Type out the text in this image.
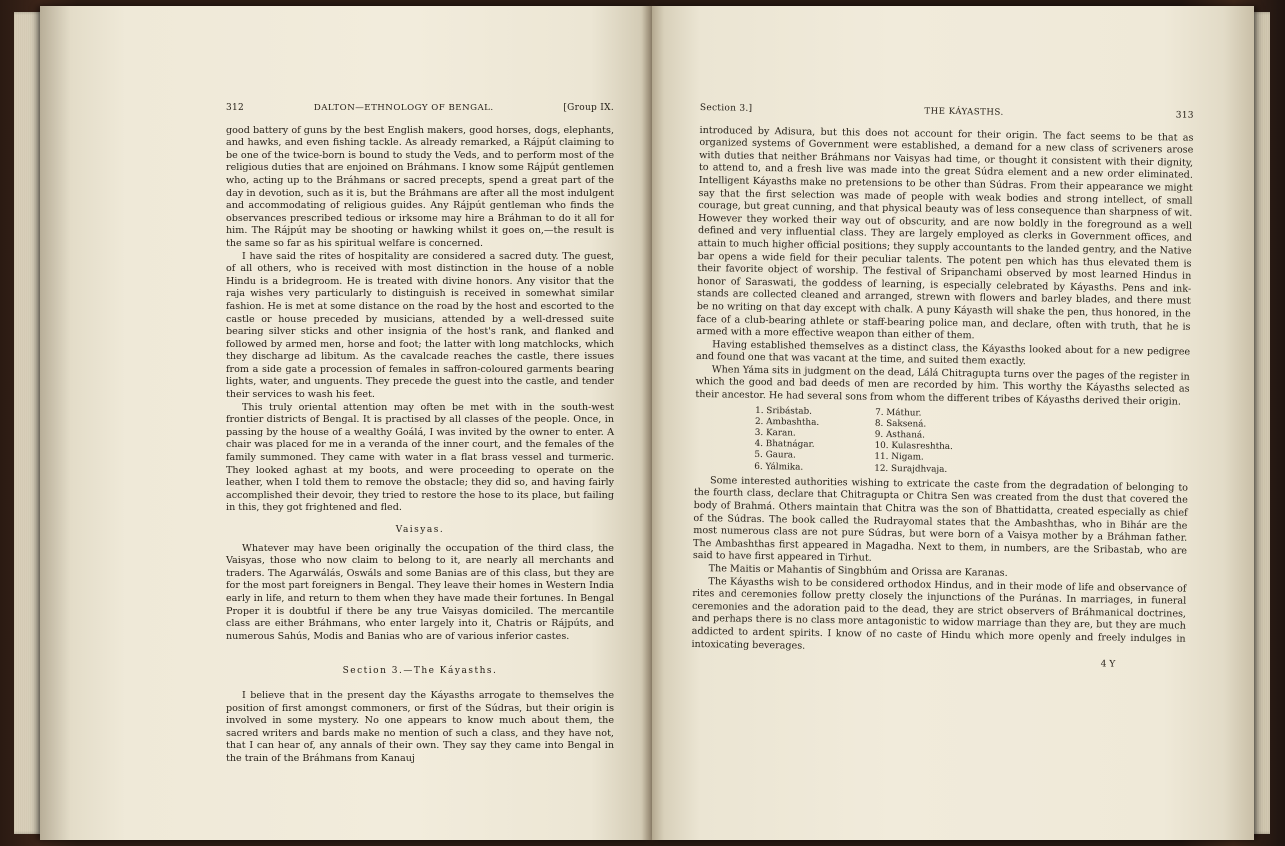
312	DALTON—ETHNOLOGY OF BENGAL.	[Group IX.

good battery of guns by the best English makers, good horses, dogs, elephants, and hawks, and even fishing tackle. As already remarked, a Rájpút claiming to be one of the twice-born is bound to study the Veds, and to perform most of the religious duties that are enjoined on Bráhmans. I know some Rájpút gentlemen who, acting up to the Bráhmans or sacred precepts, spend a great part of the day in devotion, such as it is, but the Bráhmans are after all the most indulgent and accommodating of religious guides. Any Rájpút gentleman who finds the observances prescribed tedious or irksome may hire a Bráhman to do it all for him. The Rájpút may be shooting or hawking whilst it goes on,—the result is the same so far as his spiritual welfare is concerned.

I have said the rites of hospitality are considered a sacred duty. The guest, of all others, who is received with most distinction in the house of a noble Hindu is a bridegroom. He is treated with divine honors. Any visitor that the raja wishes very particularly to distinguish is received in somewhat similar fashion. He is met at some distance on the road by the host and escorted to the castle or house preceded by musicians, attended by a well-dressed suite bearing silver sticks and other insignia of the host's rank, and flanked and followed by armed men, horse and foot; the latter with long matchlocks, which they discharge ad libitum. As the cavalcade reaches the castle, there issues from a side gate a procession of females in saffron-coloured garments bearing lights, water, and unguents. They precede the guest into the castle, and tender their services to wash his feet.

This truly oriental attention may often be met with in the south-west frontier districts of Bengal. It is practised by all classes of the people. Once, in passing by the house of a wealthy Goálá, I was invited by the owner to enter. A chair was placed for me in a veranda of the inner court, and the females of the family summoned. They came with water in a flat brass vessel and turmeric. They looked aghast at my boots, and were proceeding to operate on the leather, when I told them to remove the obstacle; they did so, and having fairly accomplished their devoir, they tried to restore the hose to its place, but failing in this, they got frightened and fled.

Vaisyas.

Whatever may have been originally the occupation of the third class, the Vaisyas, those who now claim to belong to it, are nearly all merchants and traders. The Agarwálás, Oswáls and some Banias are of this class, but they are for the most part foreigners in Bengal. They leave their homes in Western India early in life, and return to them when they have made their fortunes. In Bengal Proper it is doubtful if there be any true Vaisyas domiciled. The mercantile class are either Bráhmans, who enter largely into it, Chatris or Rájpúts, and numerous Sahús, Modis and Banias who are of various inferior castes.

Section 3.—The Káyasths.

I believe that in the present day the Káyasths arrogate to themselves the position of first amongst commoners, or first of the Súdras, but their origin is involved in some mystery. No one appears to know much about them, the sacred writers and bards make no mention of such a class, and they have not, that I can hear of, any annals of their own. They say they came into Bengal in the train of the Bráhmans from Kanauj

Section 3.]	THE KÁYASTHS.	313

introduced by Adisura, but this does not account for their origin. The fact seems to be that as organized systems of Government were established, a demand for a new class of scriveners arose with duties that neither Bráhmans nor Vaisyas had time, or thought it consistent with their dignity, to attend to, and a fresh live was made into the great Súdra element and a new order eliminated. Intelligent Káyasths make no pretensions to be other than Súdras. From their appearance we might say that the first selection was made of people with weak bodies and strong intellect, of small courage, but great cunning, and that physical beauty was of less consequence than sharpness of wit. However they worked their way out of obscurity, and are now boldly in the foreground as a well defined and very influential class. They are largely employed as clerks in Government offices, and attain to much higher official positions; they supply accountants to the landed gentry, and the Native bar opens a wide field for their peculiar talents. The potent pen which has thus elevated them is their favorite object of worship. The festival of Sripanchami observed by most learned Hindus in honor of Saraswati, the goddess of learning, is especially celebrated by Káyasths. Pens and ink-stands are collected cleaned and arranged, strewn with flowers and barley blades, and there must be no writing on that day except with chalk. A puny Káyasth will shake the pen, thus honored, in the face of a club-bearing athlete or staff-bearing police man, and declare, often with truth, that he is armed with a more effective weapon than either of them.

Having established themselves as a distinct class, the Káyasths looked about for a new pedigree and found one that was vacant at the time, and suited them exactly.

When Yáma sits in judgment on the dead, Lálá Chitragupta turns over the pages of the register in which the good and bad deeds of men are recorded by him. This worthy the Káyasths selected as their ancestor. He had several sons from whom the different tribes of Káyasths derived their origin.

1. Sribástab.	7. Máthur.
2. Ambashtha.	8. Saksená.
3. Karan.	9. Asthaná.
4. Bhatnágar.	10. Kulasreshtha.
5. Gaura.	11. Nigam.
6. Yálmika.	12. Surajdhvaja.

Some interested authorities wishing to extricate the caste from the degradation of belonging to the fourth class, declare that Chitragupta or Chitra Sen was created from the dust that covered the body of Brahmá. Others maintain that Chitra was the son of Bhattidatta, created especially as chief of the Súdras. The book called the Rudrayomal states that the Ambashthas, who in Bihár are the most numerous class are not pure Súdras, but were born of a Vaisya mother by a Bráhman father. The Ambashthas first appeared in Magadha. Next to them, in numbers, are the Sribastab, who are said to have first appeared in Tirhut.

The Maitis or Mahantis of Singbhúm and Orissa are Karanas.

The Káyasths wish to be considered orthodox Hindus, and in their mode of life and observance of rites and ceremonies follow pretty closely the injunctions of the Puránas. In marriages, in funeral ceremonies and the adoration paid to the dead, they are strict observers of Bráhmanical doctrines, and perhaps there is no class more antagonistic to widow marriage than they are, but they are much addicted to ardent spirits. I know of no caste of Hindu which more openly and freely indulges in intoxicating beverages.

4 Y
